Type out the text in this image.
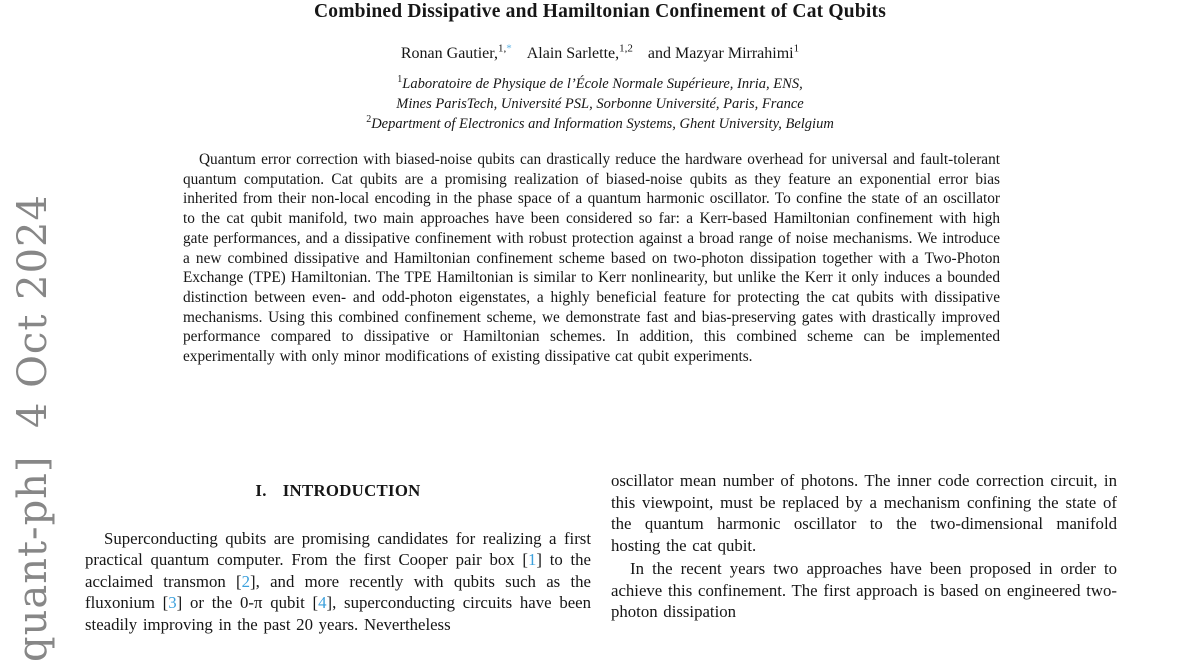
quant-ph]  4 Oct 2024
Combined Dissipative and Hamiltonian Confinement of Cat Qubits
Ronan Gautier,$^{1,*}$ Alain Sarlette,$^{1,2}$ and Mazyar Mirrahimi$^1$
$^1$Laboratoire de Physique de l’École Normale Supérieure, Inria, ENS,
Mines ParisTech, Université PSL, Sorbonne Université, Paris, France
$^2$Department of Electronics and Information Systems, Ghent University, Belgium

Quantum error correction with biased-noise qubits can drastically reduce the hardware overhead for universal and fault-tolerant quantum computation. Cat qubits are a promising realization of biased-noise qubits as they feature an exponential error bias inherited from their non-local encoding in the phase space of a quantum harmonic oscillator. To confine the state of an oscillator to the cat qubit manifold, two main approaches have been considered so far: a Kerr-based Hamiltonian confinement with high gate performances, and a dissipative confinement with robust protection against a broad range of noise mechanisms. We introduce a new combined dissipative and Hamiltonian confinement scheme based on two-photon dissipation together with a Two-Photon Exchange (TPE) Hamiltonian. The TPE Hamiltonian is similar to Kerr nonlinearity, but unlike the Kerr it only induces a bounded distinction between even- and odd-photon eigenstates, a highly beneficial feature for protecting the cat qubits with dissipative mechanisms. Using this combined confinement scheme, we demonstrate fast and bias-preserving gates with drastically improved performance compared to dissipative or Hamiltonian schemes. In addition, this combined scheme can be implemented experimentally with only minor modifications of existing dissipative cat qubit experiments.

I. INTRODUCTION

Superconducting qubits are promising candidates for realizing a first practical quantum computer. From the first Cooper pair box [1] to the acclaimed transmon [2], and more recently with qubits such as the fluxonium [3] or the 0-π qubit [4], superconducting circuits have been steadily improving in the past 20 years. Nevertheless

oscillator mean number of photons. The inner code correction circuit, in this viewpoint, must be replaced by a mechanism confining the state of the quantum harmonic oscillator to the two-dimensional manifold hosting the cat qubit.

In the recent years two approaches have been proposed in order to achieve this confinement. The first approach is based on engineered two-photon dissipation
